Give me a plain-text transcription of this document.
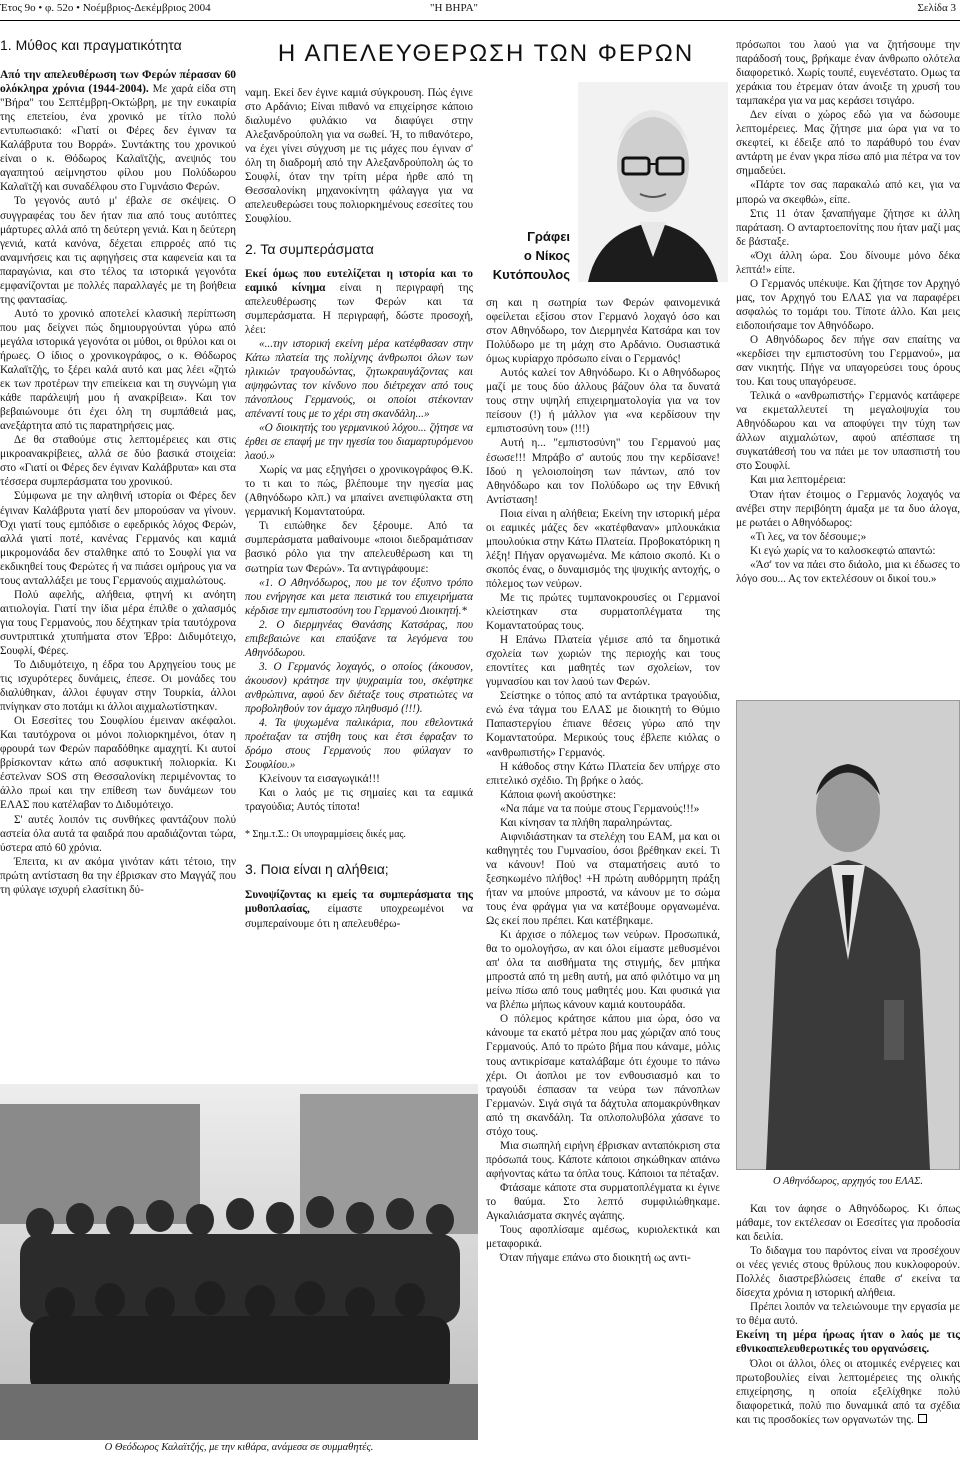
Έτος 9ο • φ. 52ο • Νοέμβριος-Δεκέμβριος 2004	"Η ΒΗΡΑ"	Σελίδα 3
Η ΑΠΕΛΕΥΘΕΡΩΣΗ ΤΩΝ ΦΕΡΩΝ
1. Μύθος και πραγματικότητα

Από την απελευθέρωση των Φερών πέρασαν 60 ολόκληρα χρόνια (1944-2004). Με χαρά είδα στη "Βήρα" του Σεπτέμβρη-Οκτώβρη, με την ευκαιρία της επετείου, ένα χρονικό με τίτλο πολύ εντυπωσιακό: «Γιατί οι Φέρες δεν έγιναν τα Καλάβρυτα του Βορρά». Συντάκτης του χρονικού είναι ο κ. Θόδωρος Καλαϊτζής, ανεψιός του αγαπητού αείμνηστου φίλου μου Πολύδωρου Καλαϊτζή και συναδέλφου στο Γυμνάσιο Φερών.

Το γεγονός αυτό μ' έβαλε σε σκέψεις. Ο συγγραφέας του δεν ήταν πια από τους αυτόπτες μάρτυρες αλλά από τη δεύτερη γενιά. Και η δεύτερη γενιά, κατά κανόνα, δέχεται επιρροές από τις αναμνήσεις και τις αφηγήσεις στα καφενεία και τα παραγώνια, και στο τέλος τα ιστορικά γεγονότα εμφανίζονται με πολλές παραλλαγές με τη βοήθεια της φαντασίας.

Αυτό το χρονικό αποτελεί κλασική περίπτωση που μας δείχνει πώς δημιουργούνται γύρω από μεγάλα ιστορικά γεγονότα οι μύθοι, οι θρύλοι και οι ήρωες. Ο ίδιος ο χρονικογράφος, ο κ. Θόδωρος Καλαϊτζής, το ξέρει καλά αυτό και μας λέει «ζητώ εκ των προτέρων την επιείκεια και τη συγνώμη για κάθε παράλειψή μου ή ανακρίβεια». Και τον βεβαιώνουμε ότι έχει όλη τη συμπάθειά μας, ανεξάρτητα από τις παρατηρήσεις μας.

Δε θα σταθούμε στις λεπτομέρειες και στις μικροανακρίβειες, αλλά σε δύο βασικά στοιχεία: στο «Γιατί οι Φέρες δεν έγιναν Καλάβρυτα» και στα τέσσερα συμπεράσματα του χρονικού.

Σύμφωνα με την αληθινή ιστορία οι Φέρες δεν έγιναν Καλάβρυτα γιατί δεν μπορούσαν να γίνουν. Όχι γιατί τους εμπόδισε ο εφεδρικός λόχος Φερών, αλλά γιατί ποτέ, κανένας Γερμανός και καμιά μικρομονάδα δεν σταλθηκε από το Σουφλί για να εκδικηθεί τους Φερώτες ή να πιάσει ομήρους για να τους ανταλλάξει με τους Γερμανούς αιχμαλώτους.

Πολύ αφελής, αλήθεια, φτηνή κι ανόητη αιτιολογία. Γιατί την ίδια μέρα έπιλθε ο χαλασμός για τους Γερμανούς, που δέχτηκαν τρία ταυτόχρονα συντριπτικά χτυπήματα στον Έβρο: Διδυμότειχο, Σουφλί, Φέρες.

Το Διδυμότειχο, η έδρα του Αρχηγείου τους με τις ισχυρότερες δυνάμεις, έπεσε. Οι μονάδες του διαλύθηκαν, άλλοι έφυγαν στην Τουρκία, άλλοι πνίγηκαν στο ποτάμι κι άλλοι αιχμαλωτίστηκαν.

Οι Εσεσίτες του Σουφλίου έμειναν ακέφαλοι. Και ταυτόχρονα οι μόνοι πολιορκημένοι, όταν η φρουρά των Φερών παραδόθηκε αμαχητί. Κι αυτοί βρίσκονταν κάτω από ασφυκτική πολιορκία. Κι έστελναν SOS στη Θεσσαλονίκη περιμένοντας το άλλο πρωί και την επίθεση των δυνάμεων του ΕΛΑΣ που κατέλαβαν το Διδυμότειχο.

Σ' αυτές λοιπόν τις συνθήκες φαντάζουν πολύ αστεία όλα αυτά τα φαιδρά που αραδιάζονται τώρα, ύστερα από 60 χρόνια.

Έπειτα, κι αν ακόμα γινόταν κάτι τέτοιο, την πρώτη αντίσταση θα την έβρισκαν στο Μαγγάζ που τη φύλαγε ισχυρή ελασίτικη δύ-

ναμη. Εκεί δεν έγινε καμιά σύγκρουση. Πώς έγινε στο Αρδάνιο; Είναι πιθανό να επιχείρησε κάποιο διαλυμένο φυλάκιο να διαφύγει στην Αλεξανδρούπολη για να σωθεί. Ή, το πιθανότερο, να έχει γίνει σύγχυση με τις μάχες που έγιναν σ' όλη τη διαδρομή από την Αλεξανδρούπολη ώς το Σουφλί, όταν την τρίτη μέρα ήρθε από τη Θεσσαλονίκη μηχανοκίνητη φάλαγγα για να απελευθερώσει τους πολιορκημένους εσεσίτες του Σουφλίου.

2. Τα συμπεράσματα

Εκεί όμως που ευτελίζεται η ιστορία και το εαμικό κίνημα είναι η περιγραφή της απελευθέρωσης των Φερών και τα συμπεράσματα. Η περιγραφή, δώστε προσοχή, λέει:

«...την ιστορική εκείνη μέρα κατέφθασαν στην Κάτω πλατεία της πολίχνης άνθρωποι όλων των ηλικιών τραγουδώντας, ζητωκραυγάζοντας και αψηφώντας τον κίνδυνο που διέτρεχαν από τους πάνοπλους Γερμανούς, οι οποίοι στέκονταν απέναντί τους με το χέρι στη σκανδάλη...»

«Ο διοικητής του γερμανικού λόχου... ζήτησε να έρθει σε επαφή με την ηγεσία του διαμαρτυρόμενου λαού.»

Χωρίς να μας εξηγήσει ο χρονικογράφος Θ.Κ. το τι και το πώς, βλέπουμε την ηγεσία μας (Αθηνόδωρο κλπ.) να μπαίνει ανεπιφύλακτα στη γερμανική Κομαντατούρα.

Τι ειπώθηκε δεν ξέρουμε. Από τα συμπεράσματα μαθαίνουμε «ποιοι διεδραμάτισαν βασικό ρόλο για την απελευθέρωση και τη σωτηρία των Φερών». Τα αντιγράφουμε:

«1. Ο Αθηνόδωρος, που με τον έξυπνο τρόπο που ενήργησε και μετα πειστικά του επιχειρήματα κέρδισε την εμπιστοσύνη του Γερμανού Διοικητή.*

2. Ο διερμηνέας Θανάσης Κατσάρας, που επιβεβαιώνε και επαύξανε τα λεγόμενα του Αθηνόδωρου.

3. Ο Γερμανός λοχαγός, ο οποίος (άκουσον, άκουσον) κράτησε την ψυχραιμία του, σκέφτηκε ανθρώπινα, αφού δεν διέταξε τους στρατιώτες να προβοληθούν τον άμαχο πληθυσμό (!!!).

4. Τα ψυχωμένα παλικάρια, που εθελοντικά προέταξαν τα στήθη τους και έτσι έφραξαν το δρόμο στους Γερμανούς που φύλαγαν το Σουφλίου.»

Κλείνουν τα εισαγωγικά!!!

Και ο λαός με τις σημαίες και τα εαμικά τραγούδια; Αυτός τίποτα!

* Σημ.τ.Σ.: Οι υπογραμμίσεις δικές μας.

3. Ποια είναι η αλήθεια;

Συνοψίζοντας κι εμείς τα συμπεράσματα της μυθοπλασίας, είμαστε υποχρεωμένοι να συμπεραίνουμε ότι η απελευθέρω-

Γράφει
ο Νίκος
Κυτόπουλος

ση και η σωτηρία των Φερών φαινομενικά οφείλεται εξίσου στον Γερμανό λοχαγό όσο και στον Αθηνόδωρο, τον Διερμηνέα Κατσάρα και τον Πολύδωρο με τη μάχη στο Αρδάνιο. Ουσιαστικά όμως κυρίαρχο πρόσωπο είναι ο Γερμανός!

Αυτός καλεί τον Αθηνόδωρο. Κι ο Αθηνόδωρος μαζί με τους δύο άλλους βάζουν όλα τα δυνατά τους στην υψηλή επιχειρηματολογία για να τον πείσουν (!) ή μάλλον για «να κερδίσουν την εμπιστοσύνη του» (!!!)

Αυτή η... "εμπιστοσύνη" του Γερμανού μας έσωσε!!! Μπράβο σ' αυτούς που την κερδίσανε! Ιδού η γελοιοποίηση των πάντων, από τον Αθηνόδωρο και τον Πολύδωρο ως την Εθνική Αντίσταση!

Ποια είναι η αλήθεια; Εκείνη την ιστορική μέρα οι εαμικές μάζες δεν «κατέφθαναν» μπλουκάκια μπουλούκια στην Κάτω Πλατεία. Προβοκατόρικη η λέξη! Πήγαν οργανωμένα. Με κάποιο σκοπό. Κι ο σκοπός ένας, ο δυναμισμός της ψυχικής αντοχής, ο πόλεμος των νεύρων.

Με τις πρώτες τυμπανοκρουσίες οι Γερμανοί κλείστηκαν στα συρματοπλέγματα της Κομαντατούρας τους.

Η Επάνω Πλατεία γέμισε από τα δημοτικά σχολεία των χωριών της περιοχής και τους εποντίτες και μαθητές των σχολείων, τον γυμνασίου και τον λαού των Φερών.

Σείστηκε ο τόπος από τα αντάρτικα τραγούδια, ενώ ένα τάγμα του ΕΛΑΣ με διοικητή το Θύμιο Παπαστεργίου έπιανε θέσεις γύρω από την Κομαντατούρα. Μερικούς τους έβλεπε κιόλας ο «ανθρωπιστής» Γερμανός.

Η κάθοδος στην Κάτω Πλατεία δεν υπήρχε στο επιτελικό σχέδιο. Τη βρήκε ο λαός.

Κάποια φωνή ακούστηκε:

«Να πάμε να τα πούμε στους Γερμανούς!!!»

Και κίνησαν τα πλήθη παραληρώντας.

Αιφνιδιάστηκαν τα στελέχη του ΕΑΜ, μα και οι καθηγητές του Γυμνασίου, όσοι βρέθηκαν εκεί. Τι να κάνουν! Πού να σταματήσεις αυτό το ξεσηκωμένο πλήθος! +Η πρώτη αυθόρμητη πράξη ήταν να μπούνε μπροστά, να κάνουν με το σώμα τους ένα φράγμα για να κατέβουμε οργανωμένα. Ως εκεί που πρέπει. Και κατέβηκαμε.

Κι άρχισε ο πόλεμος των νεύρων. Προσωπικά, θα το ομολογήσω, αν και όλοι είμαστε μεθυσμένοι απ' όλα τα αισθήματα της στιγμής, δεν μπήκα μπροστά από τη μεθη αυτή, μα από φιλότιμο να μη μείνω πίσω από τους μαθητές μου. Και φυσικά για να βλέπω μήπως κάνουν καμιά κουτουράδα.

Ο πόλεμος κράτησε κάπου μια ώρα, όσο να κάνουμε τα εκατό μέτρα που μας χώριζαν από τους Γερμανούς. Από το πρώτο βήμα που κάναμε, μόλις τους αντικρίσαμε καταλάβαμε ότι έχουμε το πάνω χέρι. Οι άοπλοι με τον ενθουσιασμό και το τραγούδι έσπασαν τα νεύρα των πάνοπλων Γερμανών. Σιγά σιγά τα δάχτυλα απομακρύνθηκαν από τη σκανδάλη. Τα οπλοπολυβόλα χάσανε το στόχο τους.

Μια σιωπηλή ειρήνη έβρισκαν ανταπόκριση στα πρόσωπά τους. Κάποτε κάποιοι σηκώθηκαν απάνω αφήνοντας κάτω τα όπλα τους. Κάποιοι τα πέταξαν.

Φτάσαμε κάποτε στα συρματοπλέγματα κι έγινε το θαύμα. Στο λεπτό συμφιλιώθηκαμε. Αγκαλιάσματα σκηνές αγάπης.

Τους αφοπλίσαμε αμέσως, κυριολεκτικά και μεταφορικά.

Όταν πήγαμε επάνω στο διοικητή ως αντι-

πρόσωποι του λαού για να ζητήσουμε την παράδοσή τους, βρήκαμε έναν άνθρωπο ολότελα διαφορετικό. Χωρίς τουπέ, ευγενέστατο. Ομως τα χεράκια του έτρεμαν όταν άνοιξε τη χρυσή του ταμπακέρα για να μας κεράσει τσιγάρο.

Δεν είναι ο χώρος εδώ για να δώσουμε λεπτομέρειες. Μας ζήτησε μια ώρα για να το σκεφτεί, κι έδειξε από το παράθυρό του έναν αντάρτη με έναν γκρα πίσω από μια πέτρα να τον σημαδεύει.

«Πάρτε τον σας παρακαλώ από κει, για να μπορώ να σκεφθώ», είπε.

Στις 11 όταν ξαναπήγαμε ζήτησε κι άλλη παράταση. Ο ανταρτοεπονίτης που ήταν μαζί μας δε βάσταξε.

«Όχι άλλη ώρα. Σου δίνουμε μόνο δέκα λεπτά!» είπε.

Ο Γερμανός υπέκυψε. Και ζήτησε τον Αρχηγό μας, τον Αρχηγό του ΕΛΑΣ για να παραφέρει ασφαλώς το τομάρι του. Τίποτε άλλο. Και μεις ειδοποιήσαμε τον Αθηνόδωρο.

Ο Αθηνόδωρος δεν πήγε σαν επαίτης να «κερδίσει την εμπιστοσύνη του Γερμανού», μα σαν νικητής. Πήγε να υπαγορεύσει τους όρους του. Και τους υπαγόρευσε.

Τελικά ο «ανθρωπιστής» Γερμανός κατάφερε να εκμεταλλευτεί τη μεγαλοψυχία του Αθηνόδωρου και να αποφύγει την τύχη των άλλων αιχμαλώτων, αφού απέσπασε τη συγκατάθεσή του να πάει με τον υπασπιστή του στο Σουφλί.

Και μια λεπτομέρεια:

Όταν ήταν έτοιμος ο Γερμανός λοχαγός να ανέβει στην περιβόητη άμαξα με τα δυο άλογα, με ρωτάει ο Αθηνόδωρος:

«Τι λες, να τον δέσουμε;»

Κι εγώ χωρίς να το καλοσκεφτώ απαντώ:

«Άσ' τον να πάει στο διάολο, μια κι έδωσες το λόγο σου... Ας τον εκτελέσουν οι δικοί του.»

Ο Αθηνόδωρος, αρχηγός του ΕΛΑΣ.

Και τον άφησε ο Αθηνόδωρος. Κι όπως μάθαμε, τον εκτέλεσαν οι Εσεσίτες για προδοσία και δειλία.

Το διδαγμα του παρόντος είναι να προσέχουν οι νέες γενιές στους θρύλους που κυκλοφορούν. Πολλές διαστρεβλώσεις έπαθε σ' εκείνα τα δίσεχτα χρόνια η ιστορική αλήθεια.

Πρέπει λοιπόν να τελειώνουμε την εργασία με το θέμα αυτό.

Εκείνη τη μέρα ήρωας ήταν ο λαός με τις εθνικοαπελευθερωτικές του οργανώσεις.

Όλοι οι άλλοι, όλες οι ατομικές ενέργειες και πρωτοβουλίες είναι λεπτομέρειες της ολικής επιχείρησης, η οποία εξελίχθηκε πολύ διαφορετικά, πολύ πιο δυναμικά από τα σχέδια και τις προσδοκίες των οργανωτών της.

Ο Θεόδωρος Καλαϊτζής, με την κιθάρα, ανάμεσα σε συμμαθητές.
